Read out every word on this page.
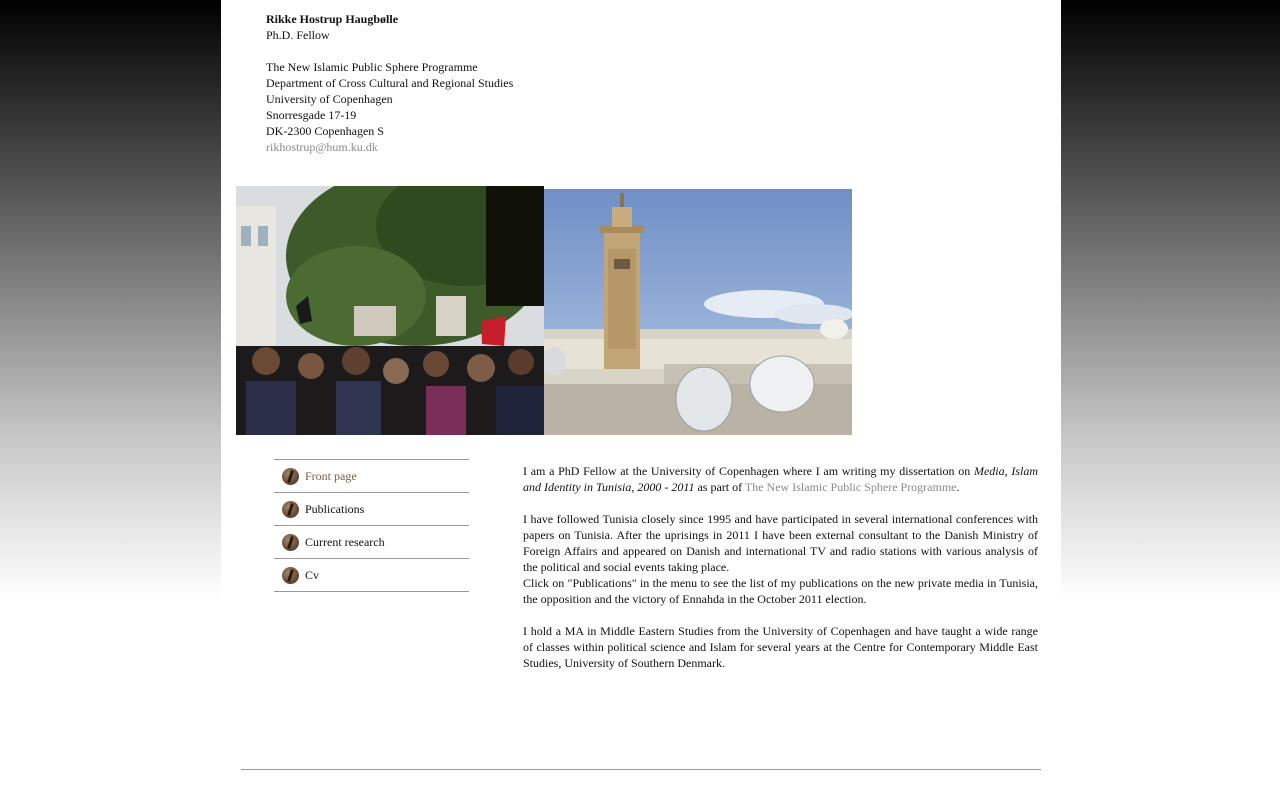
Rikke Hostrup Haugbølle
Ph.D. Fellow
The New Islamic Public Sphere Programme
Department of Cross Cultural and Regional Studies
University of Copenhagen
Snorresgade 17-19
DK-2300 Copenhagen S
rikhostrup@hum.ku.dk
Front page
Publications
Current research
Cv

I am a PhD Fellow at the University of Copenhagen where I am writing my dissertation on Media, Islam and Identity in Tunisia, 2000 - 2011 as part of The New Islamic Public Sphere Programme.

I have followed Tunisia closely since 1995 and have participated in several international conferences with papers on Tunisia. After the uprisings in 2011 I have been external consultant to the Danish Ministry of Foreign Affairs and appeared on Danish and international TV and radio stations with various analysis of the political and social events taking place.

Click on "Publications" in the menu to see the list of my publications on the new private media in Tunisia, the opposition and the victory of Ennahda in the October 2011 election.

I hold a MA in Middle Eastern Studies from the University of Copenhagen and have taught a wide range of classes within political science and Islam for several years at the Centre for Contemporary Middle East Studies, University of Southern Denmark.
